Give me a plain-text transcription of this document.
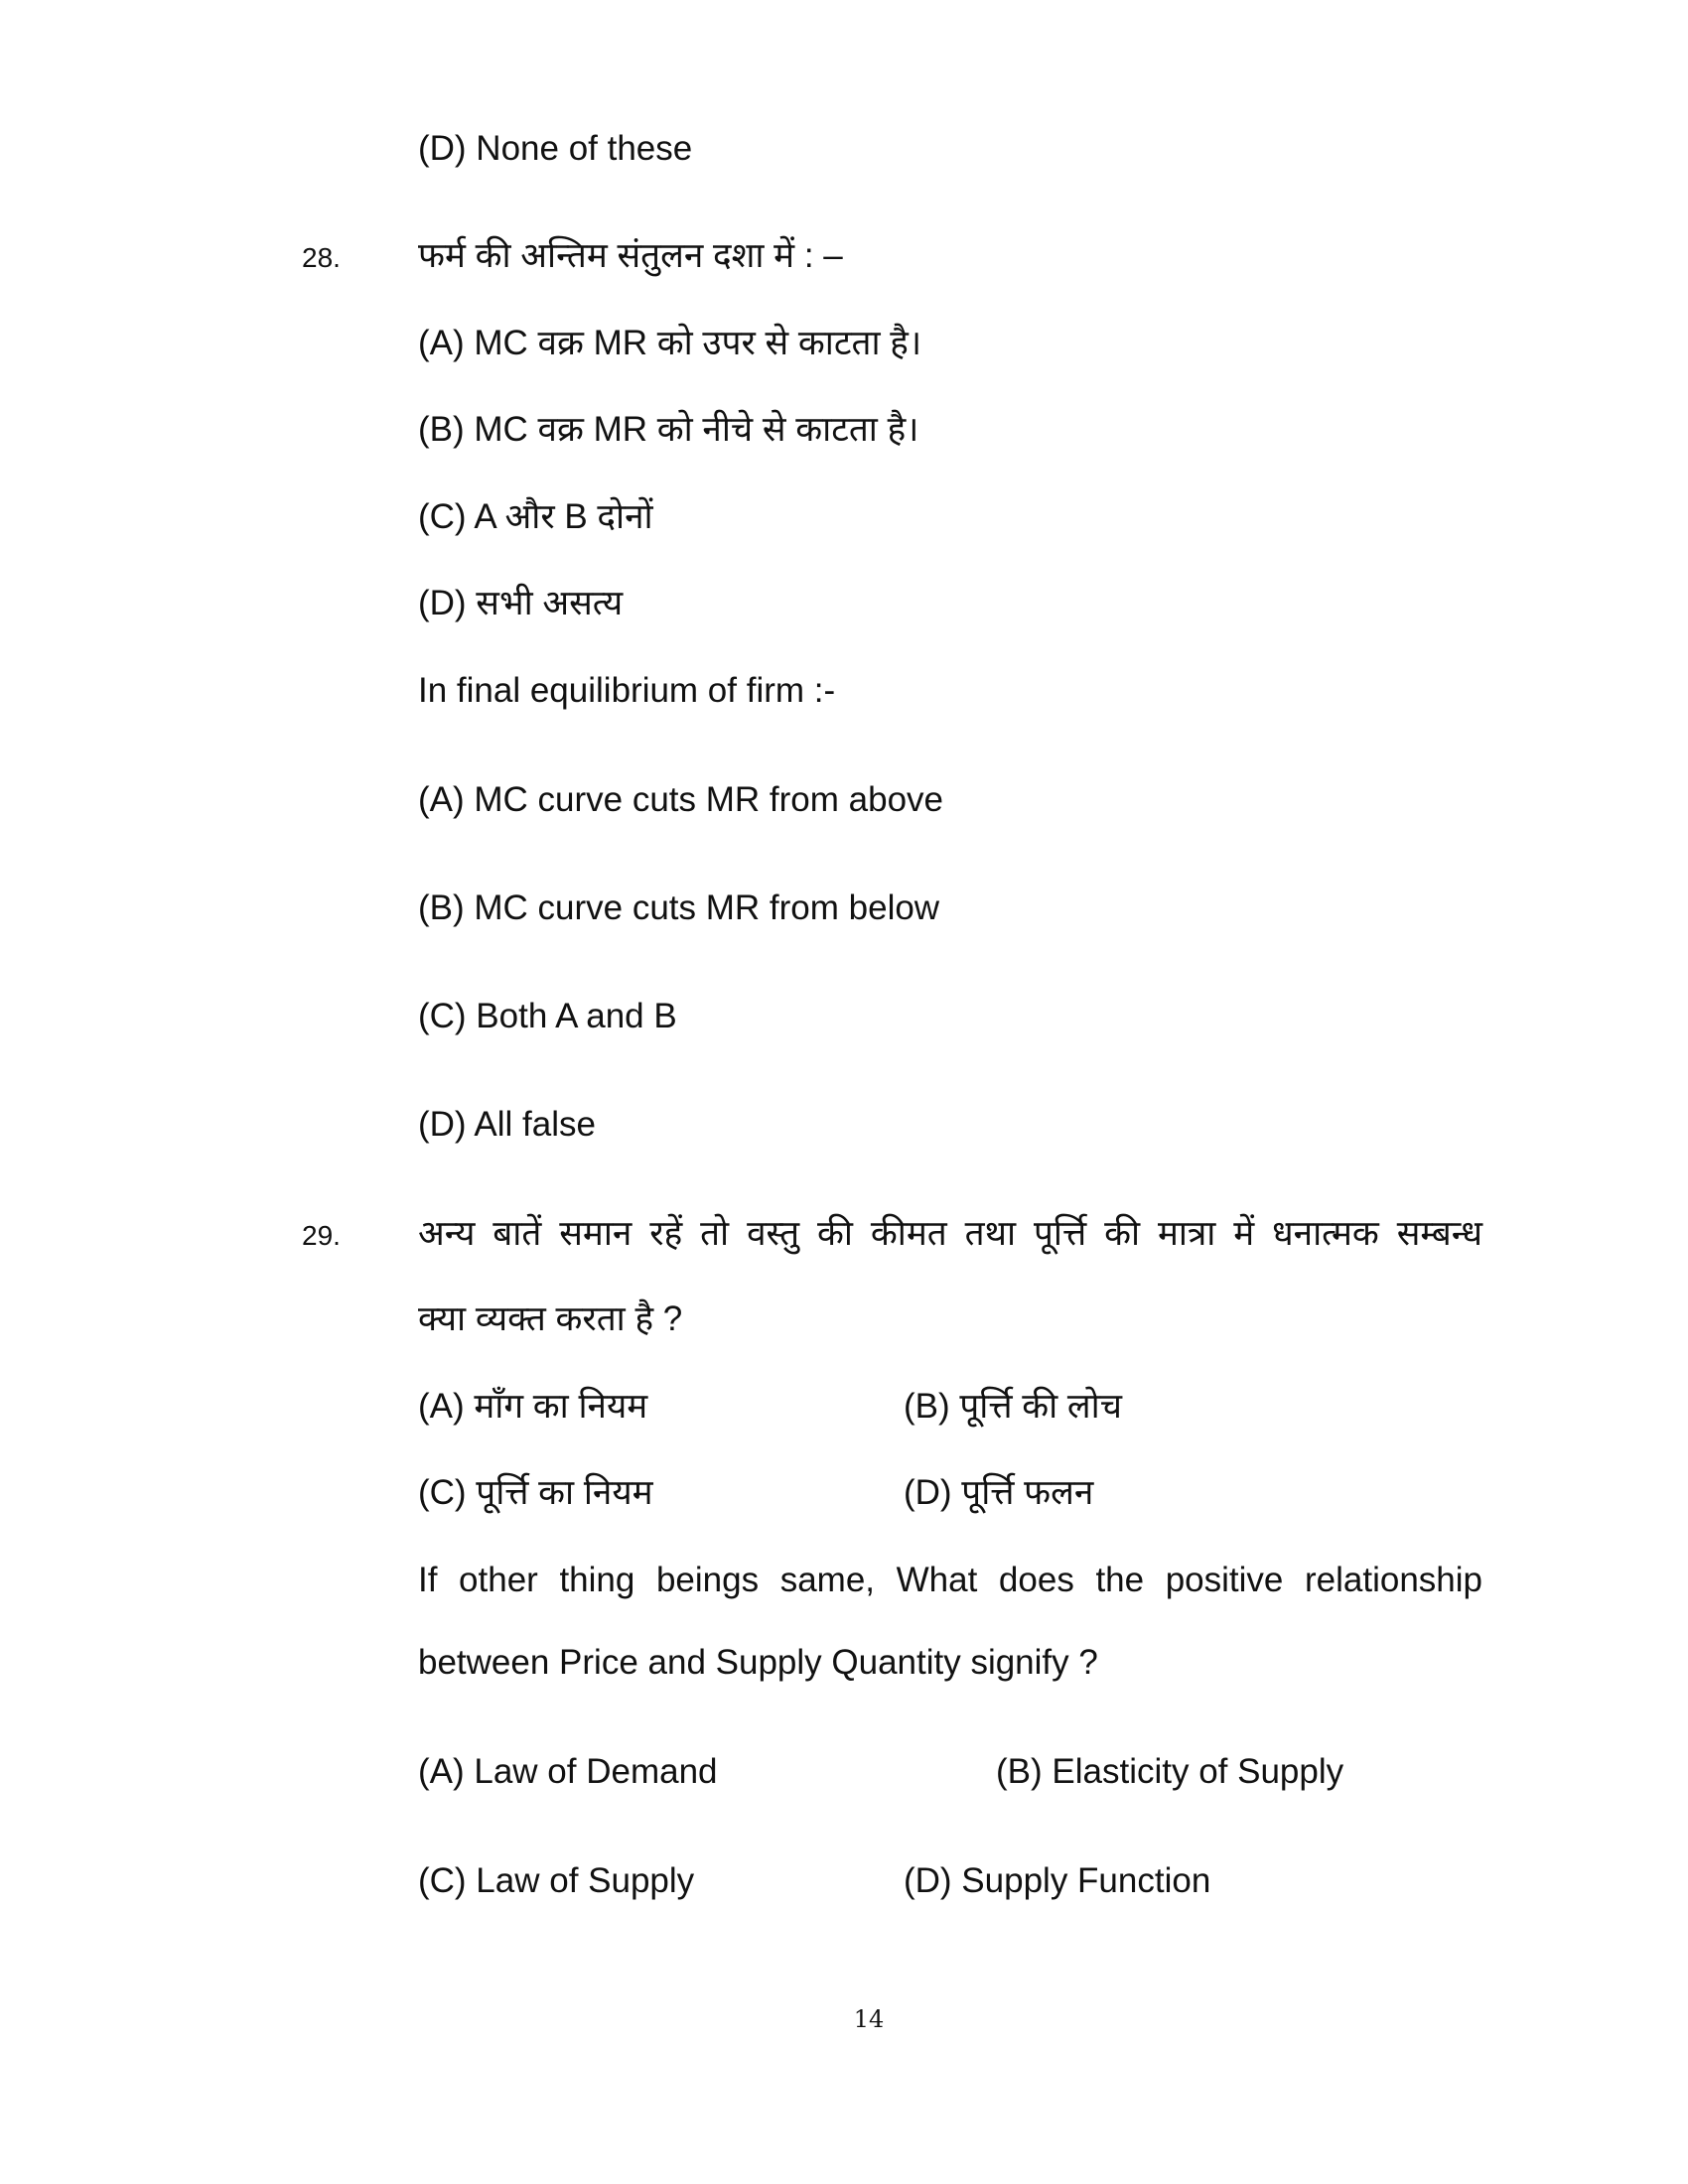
(D) None of these
28. फर्म की अन्तिम संतुलन दशा में : –
(A) MC वक्र MR को उपर से काटता है।
(B) MC वक्र MR को नीचे से काटता है।
(C) A और B दोनों
(D) सभी असत्य
In final equilibrium of firm :-
(A) MC curve cuts MR from above
(B) MC curve cuts MR from below
(C) Both A and B
(D) All false
29. अन्य बातें समान रहें तो वस्तु की कीमत तथा पूर्त्ति की मात्रा में धनात्मक सम्बन्ध
क्या व्यक्त करता है ?
(A) माँग का नियम	(B) पूर्त्ति की लोच
(C) पूर्त्ति का नियम	(D) पूर्त्ति फलन
If other thing beings same, What does the positive relationship
between Price and Supply Quantity signify ?
(A) Law of Demand	(B) Elasticity of Supply
(C) Law of Supply	(D) Supply Function
14
